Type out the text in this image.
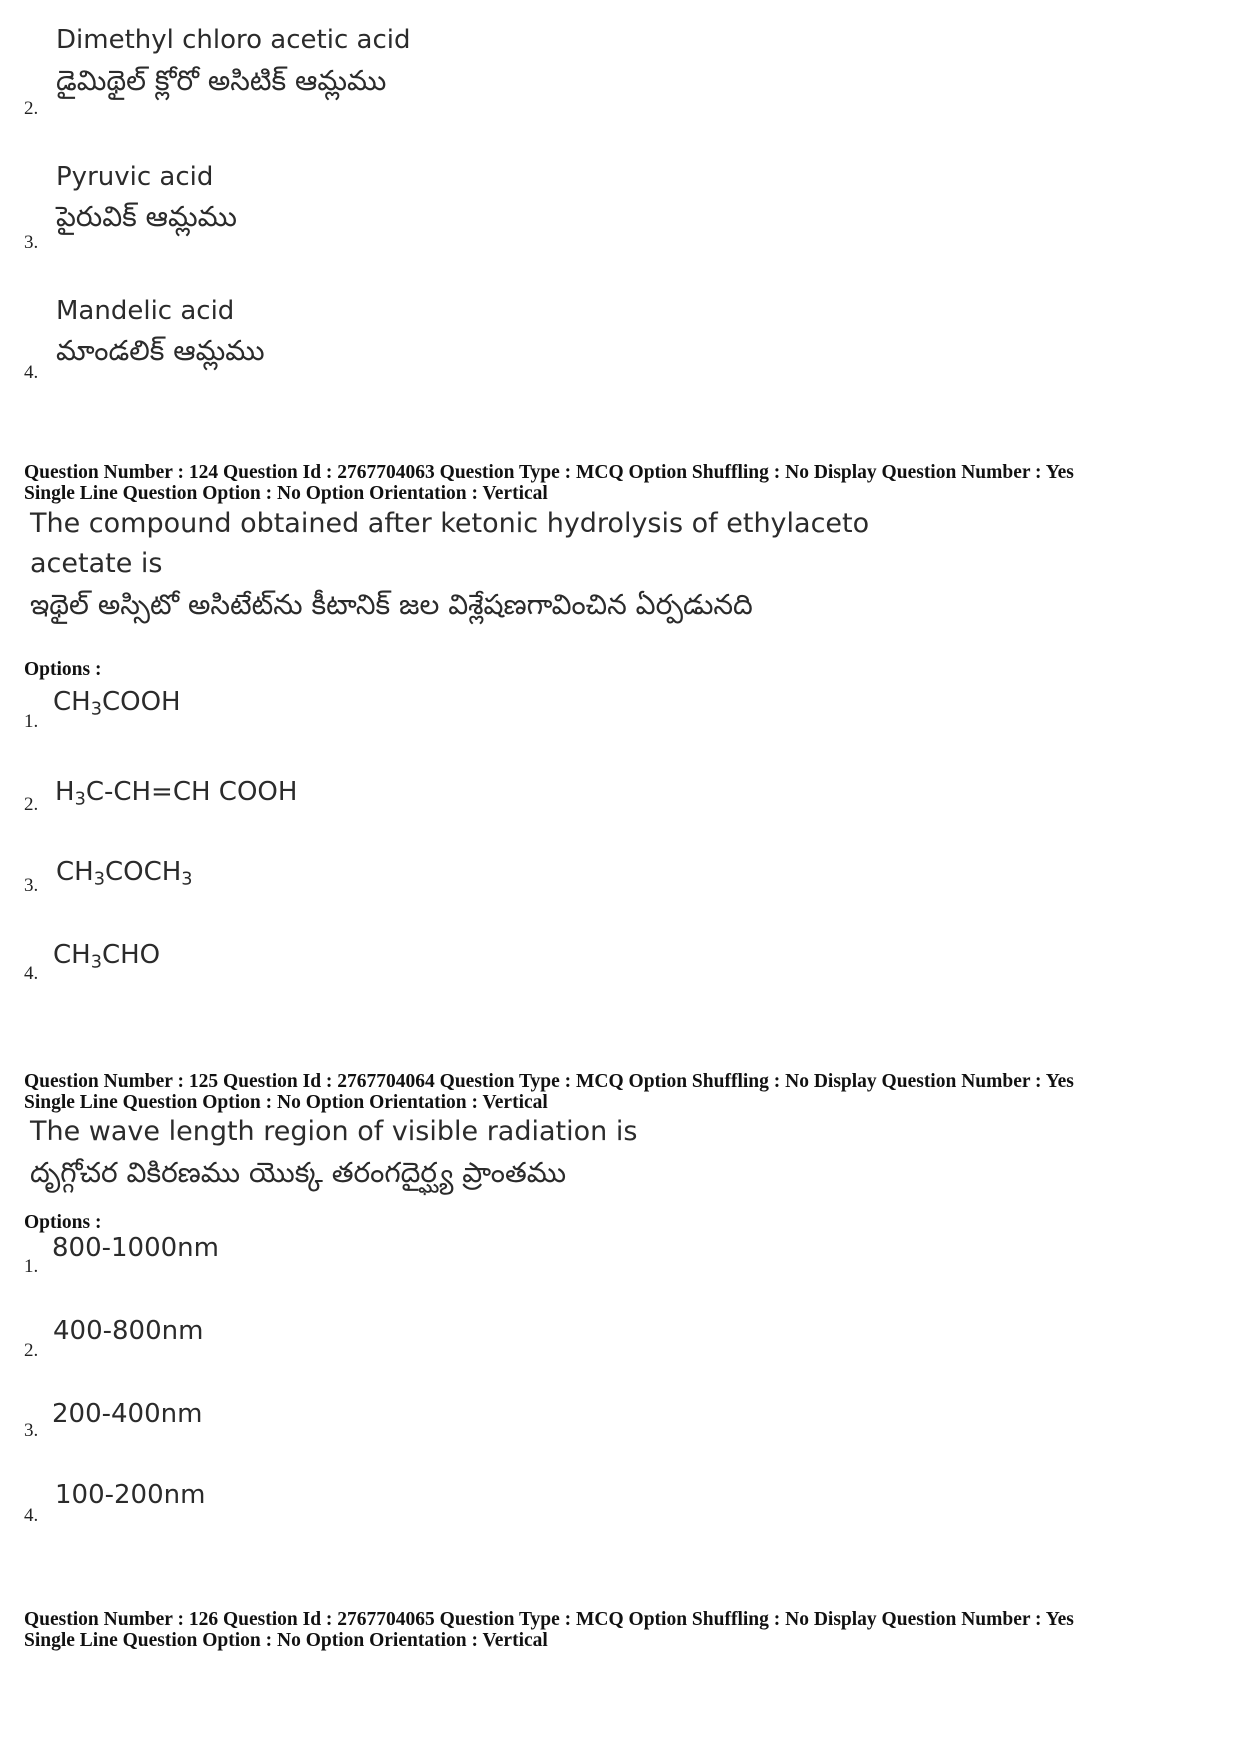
Dimethyl chloro acetic acid
డైమిథైల్ క్లోరో అసిటిక్ ఆమ్లము
2.
Pyruvic acid
పైరువిక్ ఆమ్లము
3.
Mandelic acid
మాండలిక్ ఆమ్లము
4.
Question Number : 124 Question Id : 2767704063 Question Type : MCQ Option Shuffling : No Display Question Number : Yes
Single Line Question Option : No Option Orientation : Vertical
The compound obtained after ketonic hydrolysis of ethylaceto
acetate is
ఇథైల్ అస్సిటో అసిటేట్‌ను కీటానిక్ జల విశ్లేషణగావించిన ఏర్పడునది
Options :
1.
$CH_3COOH$
2. $H_3C-CH=CH$ COOH
3. $CH_3COCH_3$
4.
$CH_3CHO$
Question Number : 125 Question Id : 2767704064 Question Type : MCQ Option Shuffling : No Display Question Number : Yes
Single Line Question Option : No Option Orientation : Vertical
The wave length region of visible radiation is
దృగ్గోచర వికిరణము యొక్క తరంగదైర్ఘ్య ప్రాంతము
Options :
1.
800-1000nm
2.
400-800nm
3.
200-400nm
4.
100-200nm
Question Number : 126 Question Id : 2767704065 Question Type : MCQ Option Shuffling : No Display Question Number : Yes
Single Line Question Option : No Option Orientation : Vertical
